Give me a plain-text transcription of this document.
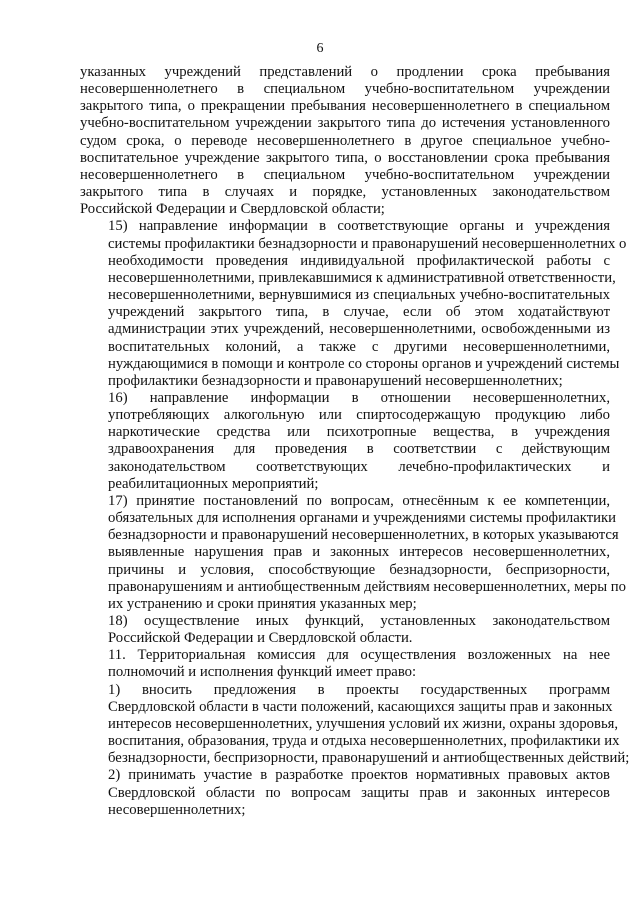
6
указанных учреждений представлений о продлении срока пребывания
несовершеннолетнего в специальном учебно-воспитательном учреждении
закрытого типа, о прекращении пребывания несовершеннолетнего в специальном
учебно-воспитательном учреждении закрытого типа до истечения установленного
судом срока, о переводе несовершеннолетнего в другое специальное учебно-
воспитательное учреждение закрытого типа, о восстановлении срока пребывания
несовершеннолетнего в специальном учебно-воспитательном учреждении
закрытого типа в случаях и порядке, установленных законодательством
Российской Федерации и Свердловской области;
15) направление информации в соответствующие органы и учреждения
системы профилактики безнадзорности и правонарушений несовершеннолетних о
необходимости проведения индивидуальной профилактической работы с
несовершеннолетними, привлекавшимися к административной ответственности,
несовершеннолетними, вернувшимися из специальных учебно-воспитательных
учреждений закрытого типа, в случае, если об этом ходатайствуют
администрации этих учреждений, несовершеннолетними, освобожденными из
воспитательных колоний, а также с другими несовершеннолетними,
нуждающимися в помощи и контроле со стороны органов и учреждений системы
профилактики безнадзорности и правонарушений несовершеннолетних;
16) направление информации в отношении несовершеннолетних,
употребляющих алкогольную или спиртосодержащую продукцию либо
наркотические средства или психотропные вещества, в учреждения
здравоохранения для проведения в соответствии с действующим
законодательством соответствующих лечебно-профилактических и
реабилитационных мероприятий;
17) принятие постановлений по вопросам, отнесённым к ее компетенции,
обязательных для исполнения органами и учреждениями системы профилактики
безнадзорности и правонарушений несовершеннолетних, в которых указываются
выявленные нарушения прав и законных интересов несовершеннолетних,
причины и условия, способствующие безнадзорности, беспризорности,
правонарушениям и антиобщественным действиям несовершеннолетних, меры по
их устранению и сроки принятия указанных мер;
18) осуществление иных функций, установленных законодательством
Российской Федерации и Свердловской области.
11. Территориальная комиссия для осуществления возложенных на нее
полномочий и исполнения функций имеет право:
1) вносить предложения в проекты государственных программ
Свердловской области в части положений, касающихся защиты прав и законных
интересов несовершеннолетних, улучшения условий их жизни, охраны здоровья,
воспитания, образования, труда и отдыха несовершеннолетних, профилактики их
безнадзорности, беспризорности, правонарушений и антиобщественных действий;
2) принимать участие в разработке проектов нормативных правовых актов
Свердловской области по вопросам защиты прав и законных интересов
несовершеннолетних;
